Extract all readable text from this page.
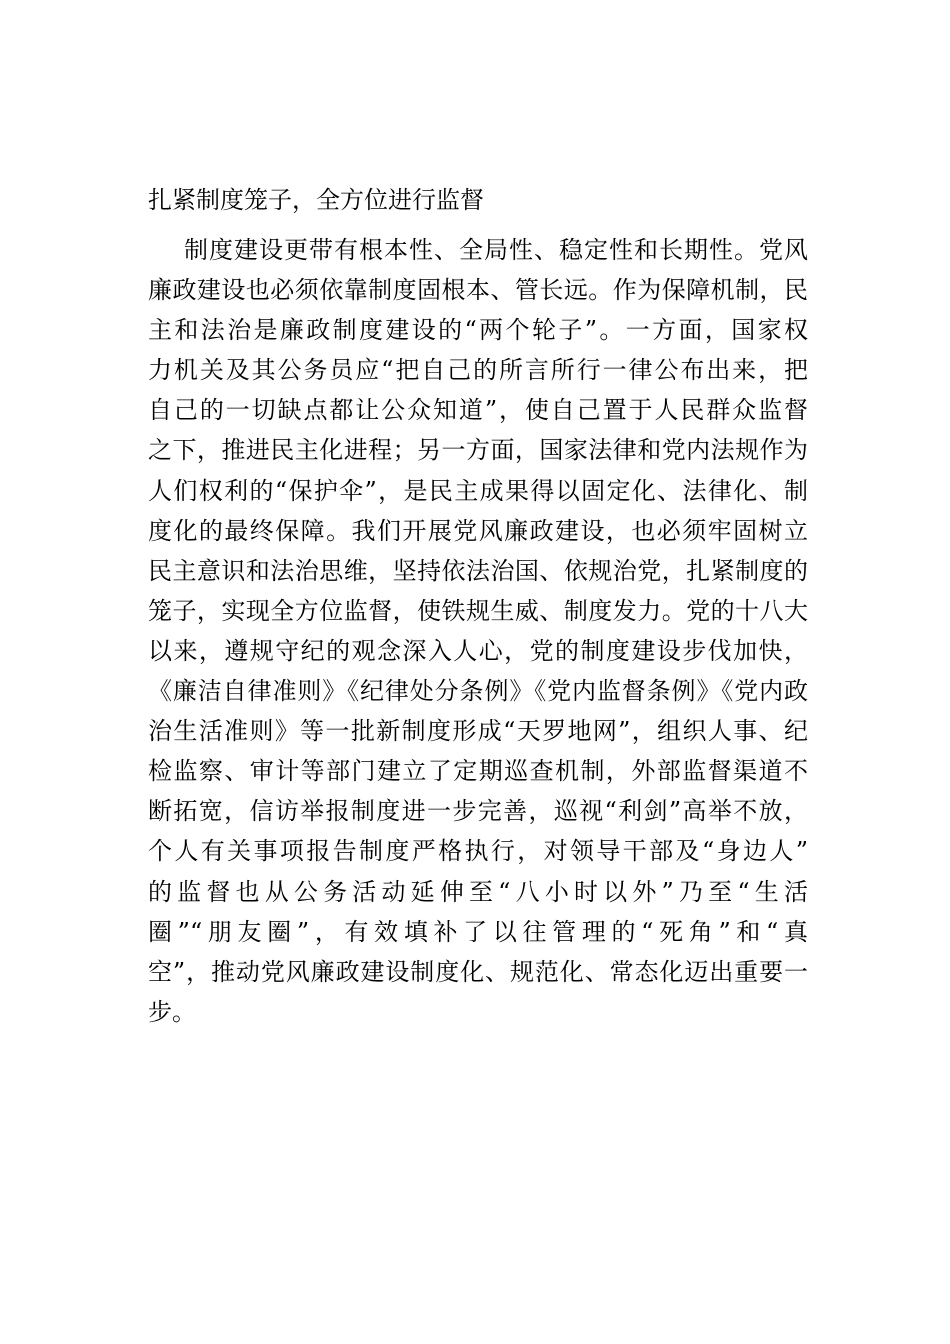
扎紧制度笼子，全方位进行监督
制度建设更带有根本性、全局性、稳定性和长期性。党风
廉政建设也必须依靠制度固根本、管长远。作为保障机制，民
主和法治是廉政制度建设的“两个轮子”。一方面，国家权
力机关及其公务员应“把自己的所言所行一律公布出来，把
自己的一切缺点都让公众知道”，使自己置于人民群众监督
之下，推进民主化进程；另一方面，国家法律和党内法规作为
人们权利的“保护伞”，是民主成果得以固定化、法律化、制
度化的最终保障。我们开展党风廉政建设，也必须牢固树立
民主意识和法治思维，坚持依法治国、依规治党，扎紧制度的
笼子，实现全方位监督，使铁规生威、制度发力。党的十八大
以来，遵规守纪的观念深入人心，党的制度建设步伐加快，
《廉洁自律准则》《纪律处分条例》《党内监督条例》《党内政
治生活准则》等一批新制度形成“天罗地网”，组织人事、纪
检监察、审计等部门建立了定期巡查机制，外部监督渠道不
断拓宽，信访举报制度进一步完善，巡视“利剑”高举不放，
个人有关事项报告制度严格执行，对领导干部及“身边人”
的监督也从公务活动延伸至“八小时以外”乃至“生活
圈”“朋友圈”，有效填补了以往管理的“死角”和“真
空”，推动党风廉政建设制度化、规范化、常态化迈出重要一
步。
